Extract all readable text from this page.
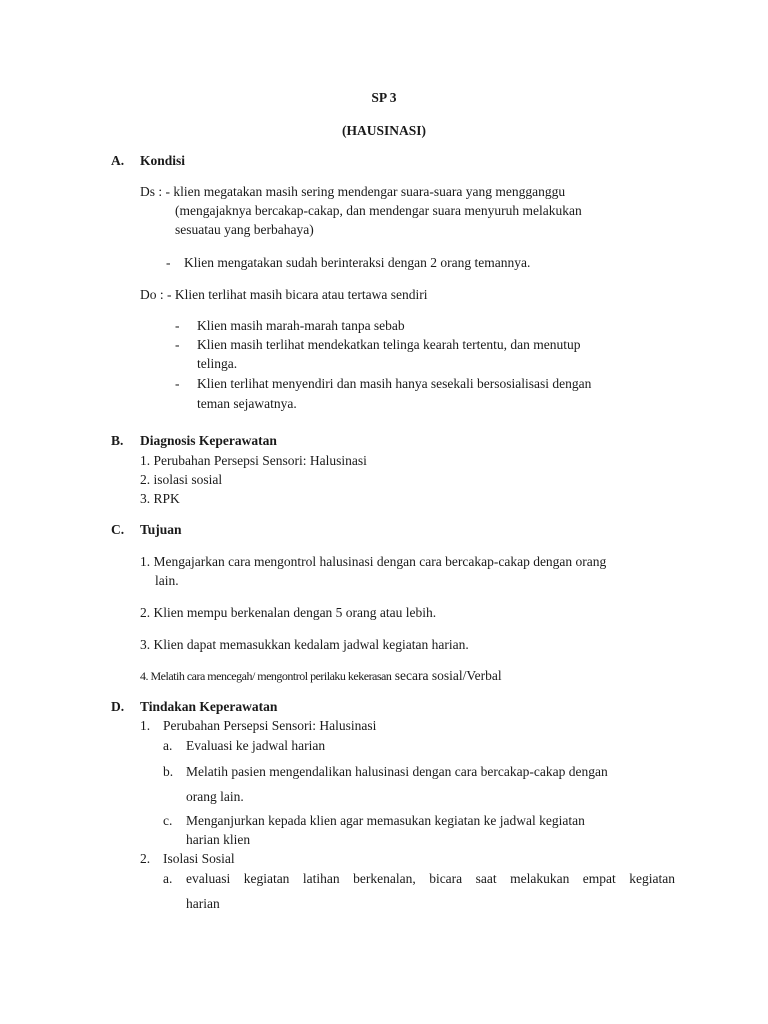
SP 3
(HAUSINASI)
A. Kondisi
Ds : - klien megatakan masih sering mendengar suara-suara yang mengganggu
(mengajaknya bercakap-cakap, dan mendengar suara menyuruh melakukan
sesuatau yang berbahaya)
- Klien mengatakan sudah berinteraksi dengan 2 orang temannya.
Do : - Klien terlihat masih bicara atau tertawa sendiri
- Klien masih marah-marah tanpa sebab
- Klien masih terlihat mendekatkan telinga kearah tertentu, dan menutup
telinga.
- Klien terlihat menyendiri dan masih hanya sesekali bersosialisasi dengan
teman sejawatnya.
B. Diagnosis Keperawatan
1. Perubahan Persepsi Sensori: Halusinasi
2. isolasi sosial
3. RPK
C. Tujuan
1. Mengajarkan cara mengontrol halusinasi dengan cara bercakap-cakap dengan orang
lain.
2. Klien mempu berkenalan dengan 5 orang atau lebih.
3. Klien dapat memasukkan kedalam jadwal kegiatan harian.
4. Melatih cara mencegah/ mengontrol perilaku kekerasan secara sosial/Verbal
D. Tindakan Keperawatan
1. Perubahan Persepsi Sensori: Halusinasi
a. Evaluasi ke jadwal harian
b. Melatih pasien mengendalikan halusinasi dengan cara bercakap-cakap dengan
orang lain.
c. Menganjurkan kepada klien agar memasukan kegiatan ke jadwal kegiatan
harian klien
2. Isolasi Sosial
a. evaluasi kegiatan latihan berkenalan, bicara saat melakukan empat kegiatan
harian
